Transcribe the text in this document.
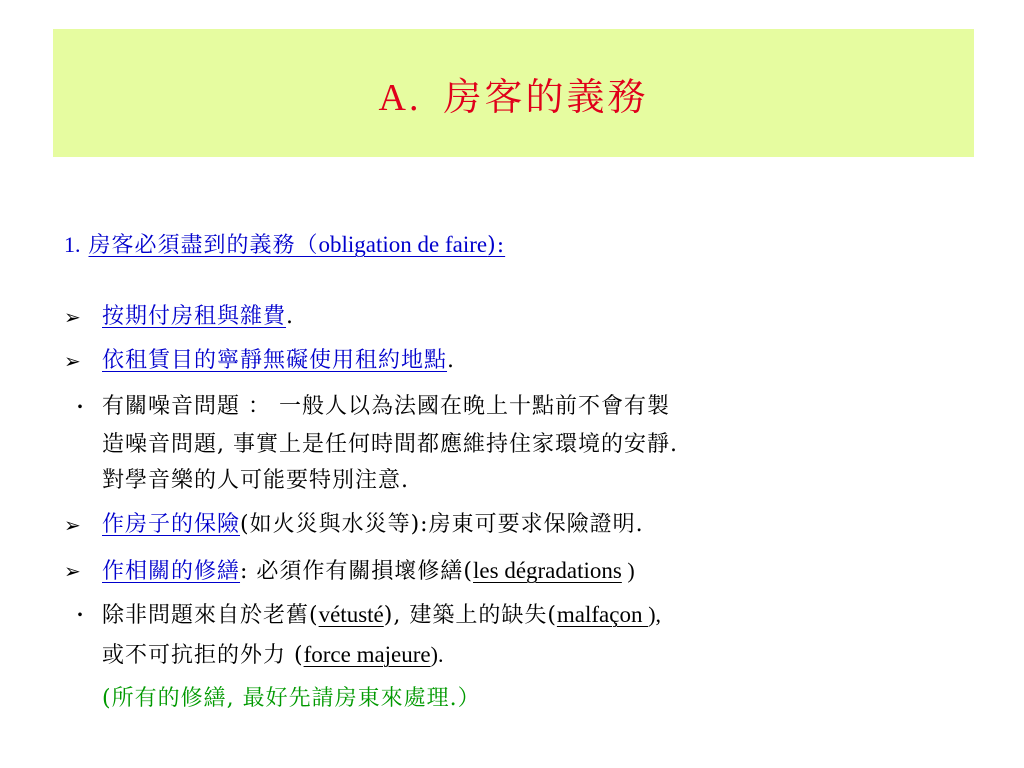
A. 房客的義務
1. 房客必須盡到的義務（obligation de faire):
➢ 按期付房租與雜費.
➢ 依租賃目的寧靜無礙使用租約地點.
・ 有關噪音問題 ： 一般人以為法國在晚上十點前不會有製
造噪音問題, 事實上是任何時間都應維持住家環境的安靜.
對學音樂的人可能要特別注意.
➢ 作房子的保險(如火災與水災等):房東可要求保險證明.
➢ 作相關的修繕: 必須作有關損壞修繕(les dégradations )
・ 除非問題來自於老舊(vétusté), 建築上的缺失(malfaçon ),
或不可抗拒的外力 (force majeure).
(所有的修繕, 最好先請房東來處理.）
